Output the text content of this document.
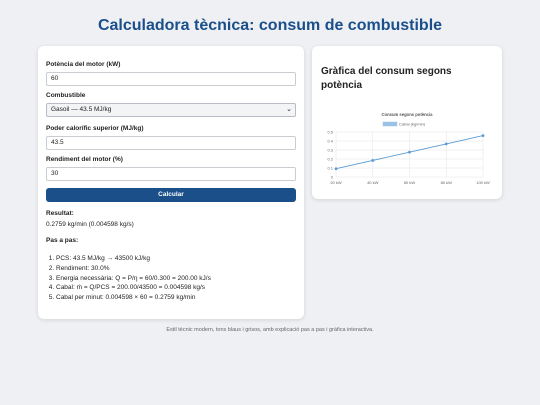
Calculadora tècnica: consum de combustible
Potència del motor (kW)
60
Combustible
Gasoil — 43.5 MJ/kg	⌄
Poder calorífic superior (MJ/kg)
43.5
Rendiment del motor (%)
30
Calcular
Resultat:
0.2759 kg/min (0.004598 kg/s)
Pas a pas:
1. PCS: 43.5 MJ/kg → 43500 kJ/kg
2. Rendiment: 30.0%
3. Energia necessària: Q = P/η = 60/0.300 = 200.00 kJ/s
4. Cabal: ṁ = Q/PCS = 200.00/43500 = 0.004598 kg/s
5. Cabal per minut: 0.004598 × 60 = 0.2759 kg/min
Gràfica del consum segons potència
Consum segons potència
Cabal (kg/min)
0
0.1
0.2
0.3
0.4
0.5
20 kW	40 kW	60 kW	80 kW	100 kW
Estil tècnic modern, tons blaus i grisos, amb explicació pas a pas i gràfica interactiva.
